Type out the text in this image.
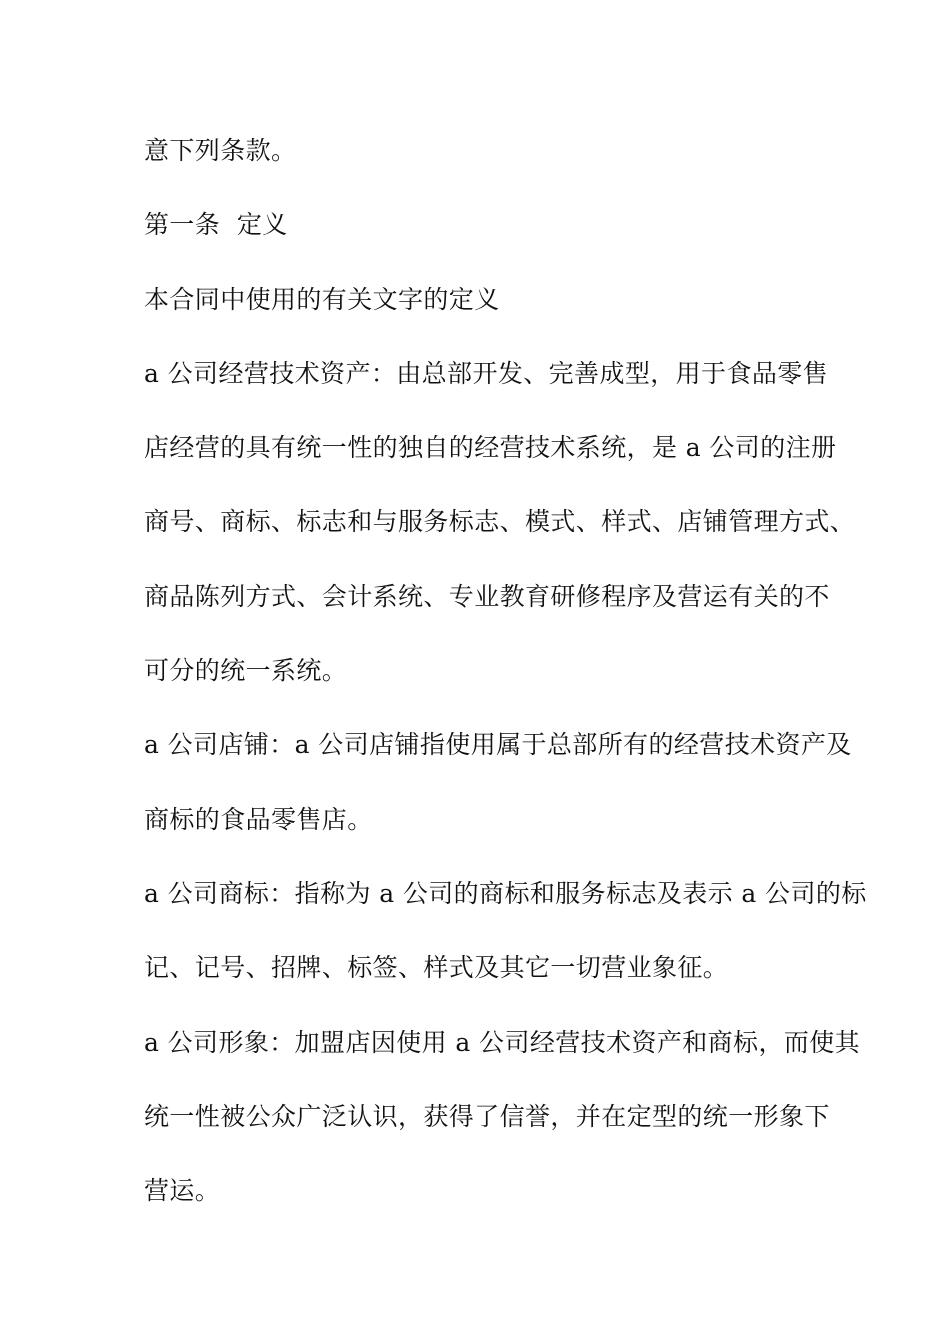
意下列条款。
第一条  定义
本合同中使用的有关文字的定义
a 公司经营技术资产：由总部开发、完善成型，用于食品零售
店经营的具有统一性的独自的经营技术系统，是 a 公司的注册
商号、商标、标志和与服务标志、模式、样式、店铺管理方式、
商品陈列方式、会计系统、专业教育研修程序及营运有关的不
可分的统一系统。
a 公司店铺：a 公司店铺指使用属于总部所有的经营技术资产及
商标的食品零售店。
a 公司商标：指称为 a 公司的商标和服务标志及表示 a 公司的标
记、记号、招牌、标签、样式及其它一切营业象征。
a 公司形象：加盟店因使用 a 公司经营技术资产和商标，而使其
统一性被公众广泛认识，获得了信誉，并在定型的统一形象下
营运。
